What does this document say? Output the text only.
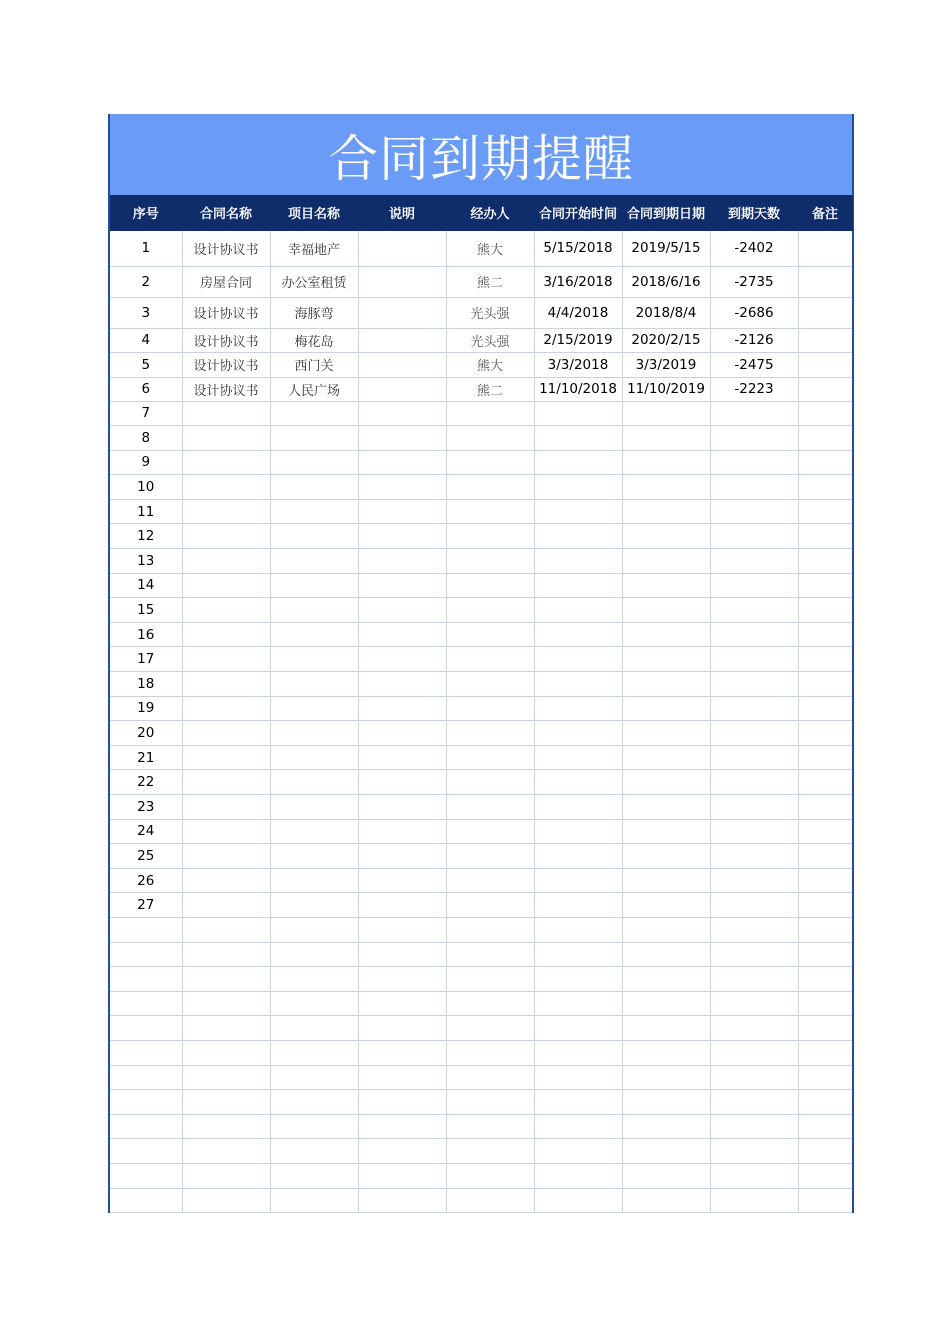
合同到期提醒
序号	合同名称	项目名称	说明	经办人	合同开始时间	合同到期日期	到期天数	备注
1	设计协议书	幸福地产		熊大	5/15/2018	2019/5/15	-2402	
2	房屋合同	办公室租赁		熊二	3/16/2018	2018/6/16	-2735	
3	设计协议书	海豚弯		光头强	4/4/2018	2018/8/4	-2686	
4	设计协议书	梅花岛		光头强	2/15/2019	2020/2/15	-2126	
5	设计协议书	西门关		熊大	3/3/2018	3/3/2019	-2475	
6	设计协议书	人民广场		熊二	11/10/2018	11/10/2019	-2223	
7								
8								
9								
10								
11								
12								
13								
14								
15								
16								
17								
18								
19								
20								
21								
22								
23								
24								
25								
26								
27								
